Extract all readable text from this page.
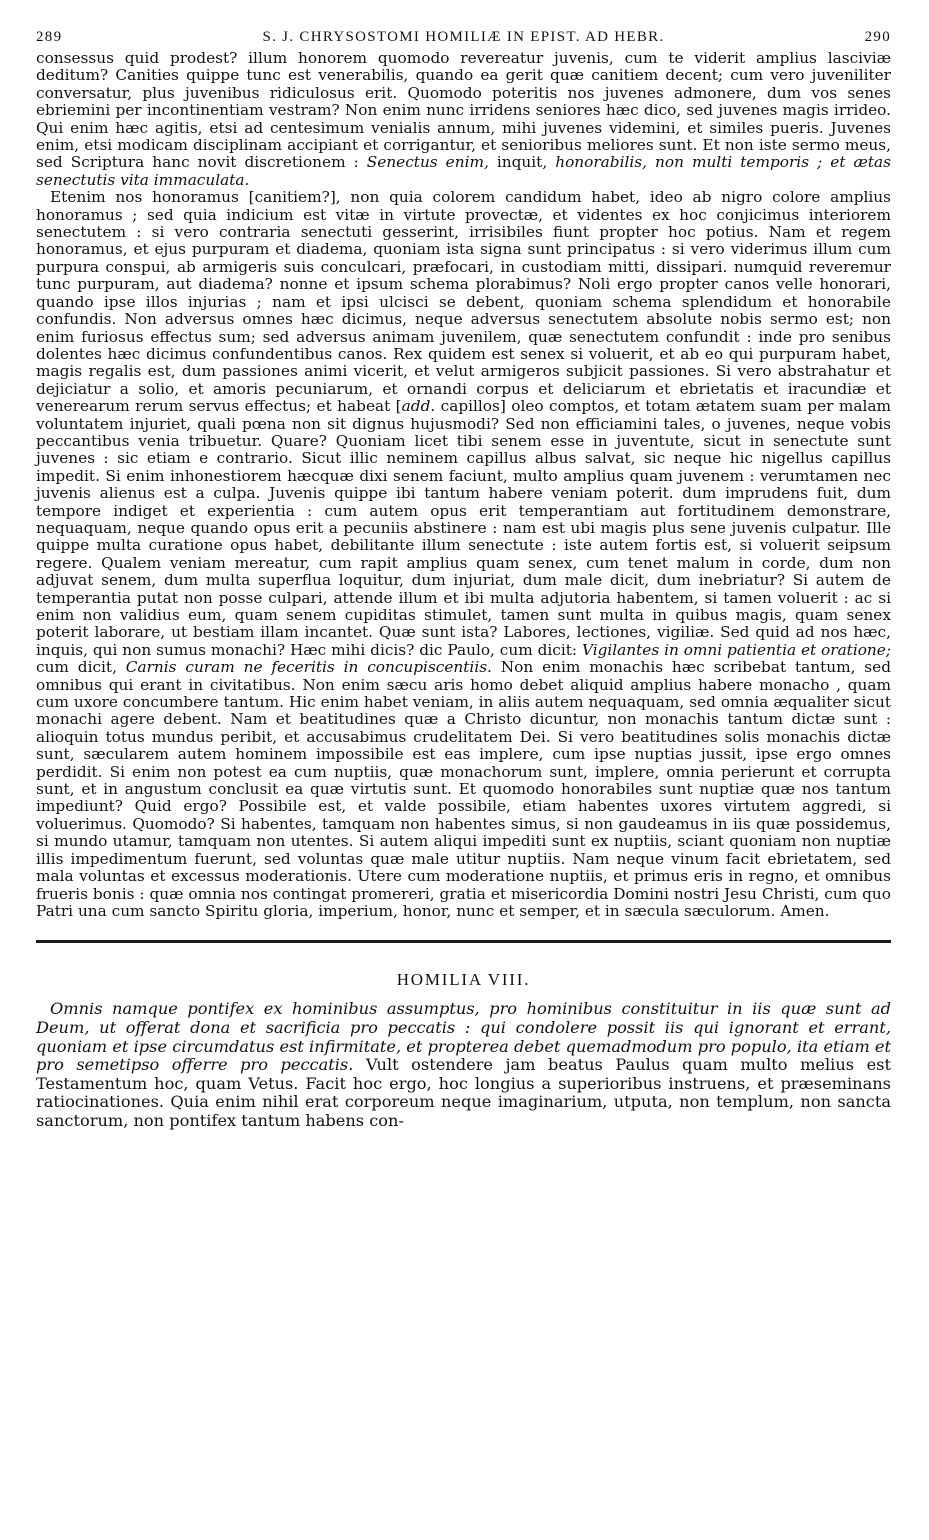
289	S. J. CHRYSOSTOMI HOMILIÆ IN EPIST. AD HEBR.	290

consessus quid prodest? illum honorem quomodo revereatur juvenis, cum te viderit amplius lasciviæ deditum? Canities quippe tunc est venerabilis, quando ea gerit quæ canitiem decent; cum vero juveniliter conversatur, plus juvenibus ridiculosus erit. Quomodo poteritis nos juvenes admonere, dum vos senes ebriemini per incontinentiam vestram? Non enim nunc irridens seniores hæc dico, sed juvenes magis irrideo. Qui enim hæc agitis, etsi ad centesimum venialis annum, mihi juvenes videmini, et similes pueris. Juvenes enim, etsi modicam disciplinam accipiant et corrigantur, et senioribus meliores sunt. Et non iste sermo meus, sed Scriptura hanc novit discretionem : Senectus enim, inquit, honorabilis, non multi temporis ; et ætas senectutis vita immaculata.

Etenim nos honoramus [canitiem?], non quia colorem candidum habet, ideo ab nigro colore amplius honoramus ; sed quia indicium est vitæ in virtute provectæ, et videntes ex hoc conjicimus interiorem senectutem : si vero contraria senectuti gesserint, irrisibiles fiunt propter hoc potius. Nam et regem honoramus, et ejus purpuram et diadema, quoniam ista signa sunt principatus : si vero viderimus illum cum purpura conspui, ab armigeris suis conculcari, præfocari, in custodiam mitti, dissipari. numquid reveremur tunc purpuram, aut diadema? nonne et ipsum schema plorabimus? Noli ergo propter canos velle honorari, quando ipse illos injurias ; nam et ipsi ulcisci se debent, quoniam schema splendidum et honorabile confundis. Non adversus omnes hæc dicimus, neque adversus senectutem absolute nobis sermo est; non enim furiosus effectus sum; sed adversus animam juvenilem, quæ senectutem confundit : inde pro senibus dolentes hæc dicimus confundentibus canos. Rex quidem est senex si voluerit, et ab eo qui purpuram habet, magis regalis est, dum passiones animi vicerit, et velut armigeros subjicit passiones. Si vero abstrahatur et dejiciatur a solio, et amoris pecuniarum, et ornandi corpus et deliciarum et ebrietatis et iracundiæ et venerearum rerum servus effectus; et habeat [add. capillos] oleo comptos, et totam ætatem suam per malam voluntatem injuriet, quali pœna non sit dignus hujusmodi? Sed non efficiamini tales, o juvenes, neque vobis peccantibus venia tribuetur. Quare? Quoniam licet tibi senem esse in juventute, sicut in senectute sunt juvenes : sic etiam e contrario. Sicut illic neminem capillus albus salvat, sic neque hic nigellus capillus impedit. Si enim inhonestiorem hæcquæ dixi senem faciunt, multo amplius quam juvenem : verumtamen nec juvenis alienus est a culpa. Juvenis quippe ibi tantum habere veniam poterit. dum imprudens fuit, dum tempore indiget et experientia : cum autem opus erit temperantiam aut fortitudinem demonstrare, nequaquam, neque quando opus erit a pecuniis abstinere : nam est ubi magis plus sene juvenis culpatur. Ille quippe multa curatione opus habet, debilitante illum senectute : iste autem fortis est, si voluerit seipsum regere. Qualem veniam mereatur, cum rapit amplius quam senex, cum tenet malum in corde, dum non adjuvat senem, dum multa superflua loquitur, dum injuriat, dum male dicit, dum inebriatur? Si autem de temperantia putat non posse culpari, attende illum et ibi multa adjutoria habentem, si tamen voluerit : ac si enim non validius eum, quam senem cupiditas stimulet, tamen sunt multa in quibus magis, quam senex poterit laborare, ut bestiam illam incantet. Quæ sunt ista? Labores, lectiones, vigiliæ. Sed quid ad nos hæc, inquis, qui non sumus monachi? Hæc mihi dicis? dic Paulo, cum dicit: Vigilantes in omni patientia et oratione; cum dicit, Carnis curam ne feceritis in concupiscentiis. Non enim monachis hæc scribebat tantum, sed omnibus qui erant in civitatibus. Non enim sæcu aris homo debet aliquid amplius habere monacho , quam cum uxore concumbere tantum. Hic enim habet veniam, in aliis autem nequaquam, sed omnia æqualiter sicut monachi agere debent. Nam et beatitudines quæ a Christo dicuntur, non monachis tantum dictæ sunt : alioquin totus mundus peribit, et accusabimus crudelitatem Dei. Si vero beatitudines solis monachis dictæ sunt, sæcularem autem hominem impossibile est eas implere, cum ipse nuptias jussit, ipse ergo omnes perdidit. Si enim non potest ea cum nuptiis, quæ monachorum sunt, implere, omnia perierunt et corrupta sunt, et in angustum conclusit ea quæ virtutis sunt. Et quomodo honorabiles sunt nuptiæ quæ nos tantum impediunt? Quid ergo? Possibile est, et valde possibile, etiam habentes uxores virtutem aggredi, si voluerimus. Quomodo? Si habentes, tamquam non habentes simus, si non gaudeamus in iis quæ possidemus, si mundo utamur, tamquam non utentes. Si autem aliqui impediti sunt ex nuptiis, sciant quoniam non nuptiæ illis impedimentum fuerunt, sed voluntas quæ male utitur nuptiis. Nam neque vinum facit ebrietatem, sed mala voluntas et excessus moderationis. Utere cum moderatione nuptiis, et primus eris in regno, et omnibus frueris bonis : quæ omnia nos contingat promereri, gratia et misericordia Domini nostri Jesu Christi, cum quo Patri una cum sancto Spiritu gloria, imperium, honor, nunc et semper, et in sæcula sæculorum. Amen.

HOMILIA VIII.

Omnis namque pontifex ex hominibus assumptus, pro hominibus constituitur in iis quæ sunt ad Deum, ut offerat dona et sacrificia pro peccatis : qui condolere possit iis qui ignorant et errant, quoniam et ipse circumdatus est infirmitate, et propterea debet quemadmodum pro populo, ita etiam et pro semetipso offerre pro peccatis. Vult ostendere jam beatus Paulus quam multo melius est Testamentum hoc, quam Vetus. Facit hoc ergo, hoc longius a superioribus instruens, et præseminans ratiocinationes. Quia enim nihil erat corporeum neque imaginarium, utputa, non templum, non sancta sanctorum, non pontifex tantum habens con-
